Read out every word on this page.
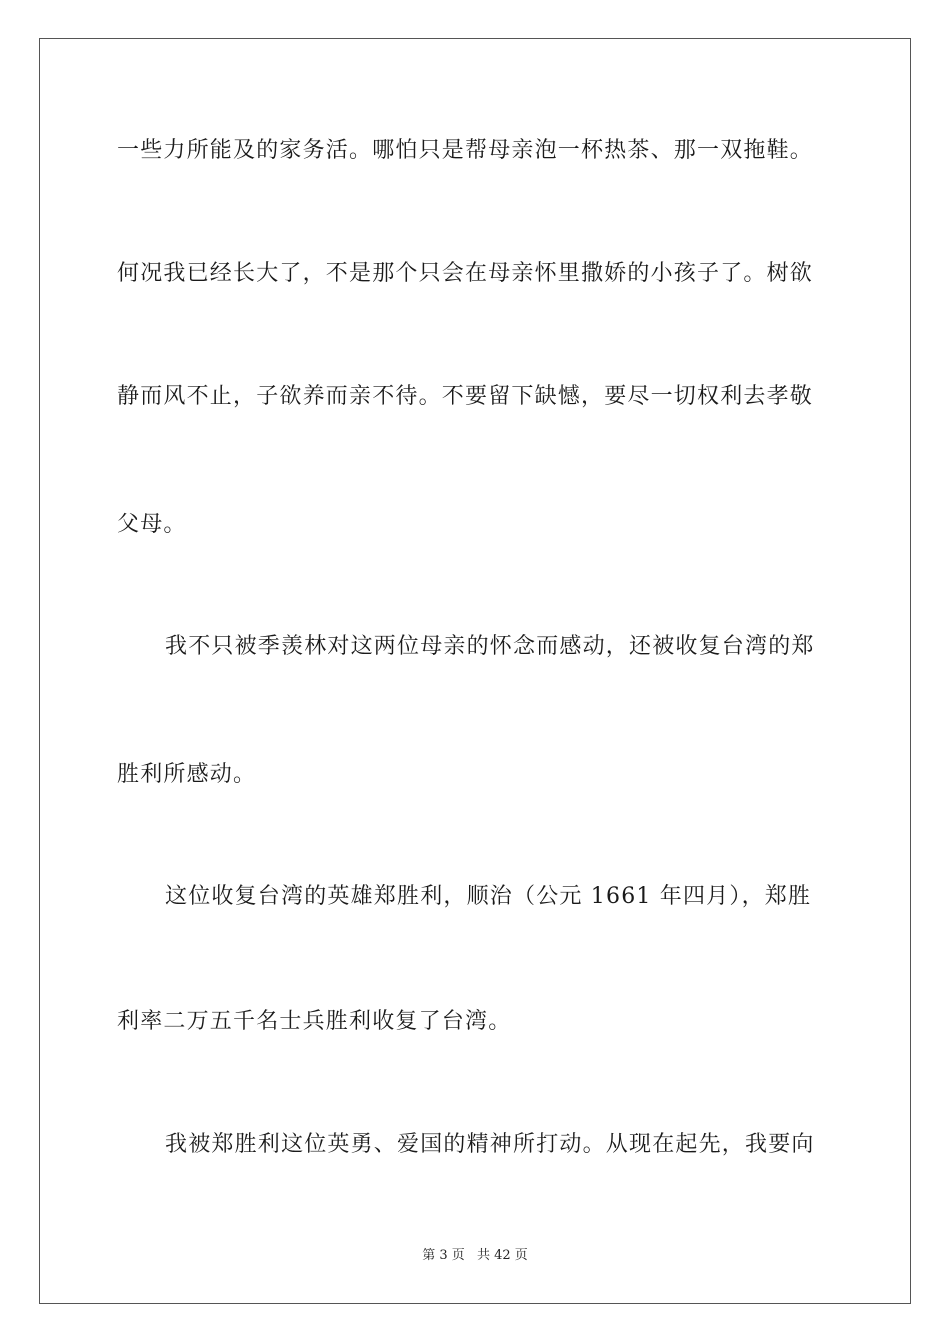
一些力所能及的家务活。哪怕只是帮母亲泡一杯热茶、那一双拖鞋。
何况我已经长大了，不是那个只会在母亲怀里撒娇的小孩子了。树欲
静而风不止，子欲养而亲不待。不要留下缺憾，要尽一切权利去孝敬
父母。
我不只被季羡林对这两位母亲的怀念而感动，还被收复台湾的郑
胜利所感动。
这位收复台湾的英雄郑胜利，顺治（公元 1661 年四月），郑胜
利率二万五千名士兵胜利收复了台湾。
我被郑胜利这位英勇、爱国的精神所打动。从现在起先，我要向
第 3 页 共 42 页
